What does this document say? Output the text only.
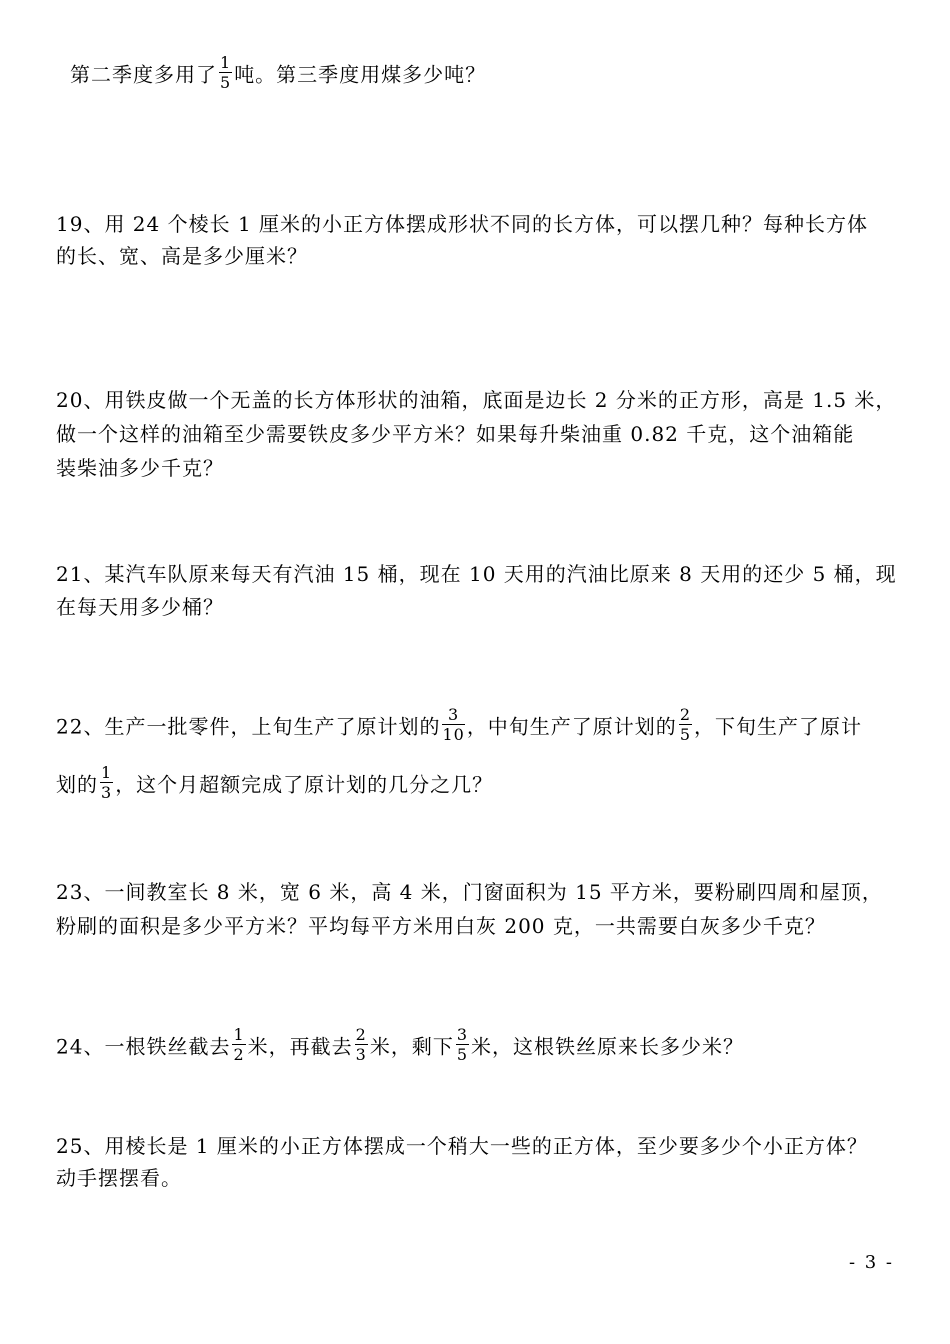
第二季度多用了 $\frac{1}{5}$ 吨。第三季度用煤多少吨？
19、用 24 个棱长 1 厘米的小正方体摆成形状不同的长方体，可以摆几种？每种长方体
的长、宽、高是多少厘米？
20、用铁皮做一个无盖的长方体形状的油箱，底面是边长 2 分米的正方形，高是 1.5 米，
做一个这样的油箱至少需要铁皮多少平方米？如果每升柴油重 0.82 千克，这个油箱能
装柴油多少千克？
21、某汽车队原来每天有汽油 15 桶，现在 10 天用的汽油比原来 8 天用的还少 5 桶，现
在每天用多少桶？
22、生产一批零件，上旬生产了原计划的 $\frac{3}{10}$ ，中旬生产了原计划的 $\frac{2}{5}$ ，下旬生产了原计
划的 $\frac{1}{3}$ ，这个月超额完成了原计划的几分之几？
23、一间教室长 8 米，宽 6 米，高 4 米，门窗面积为 15 平方米，要粉刷四周和屋顶，
粉刷的面积是多少平方米？平均每平方米用白灰 200 克，一共需要白灰多少千克？
24、一根铁丝截去 $\frac{1}{2}$ 米，再截去 $\frac{2}{3}$ 米，剩下 $\frac{3}{5}$ 米，这根铁丝原来长多少米？
25、用棱长是 1 厘米的小正方体摆成一个稍大一些的正方体，至少要多少个小正方体？
动手摆摆看。
- 3 -
